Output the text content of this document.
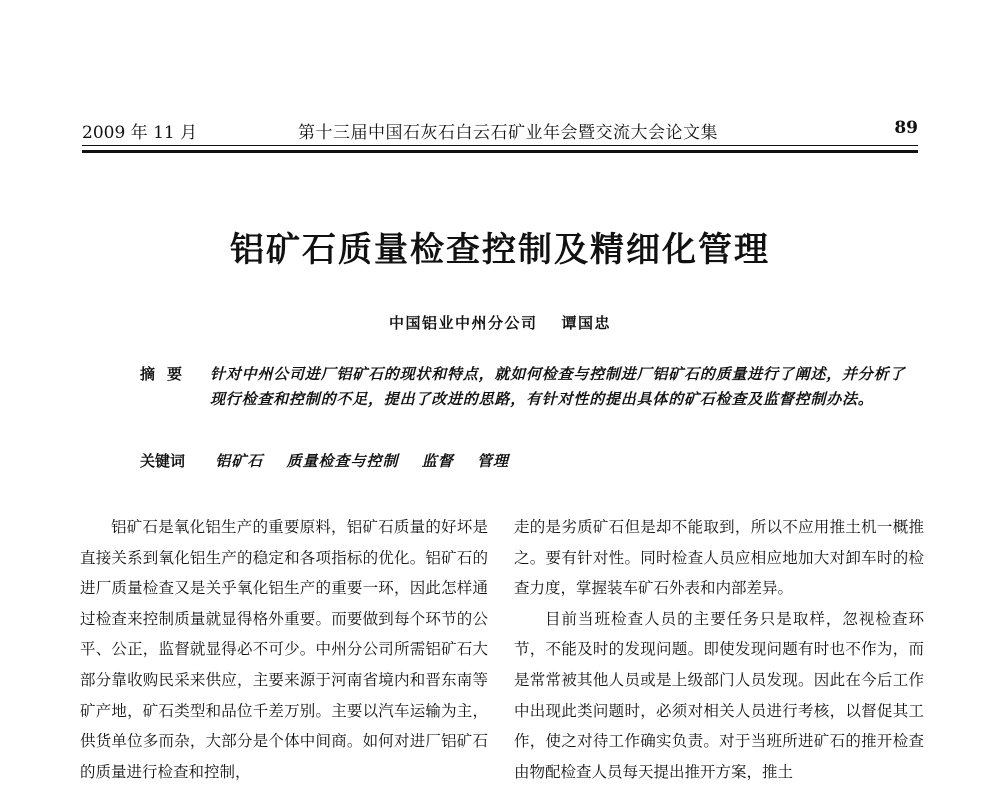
2009 年 11 月	第十三届中国石灰石白云石矿业年会暨交流大会论文集	89
铝矿石质量检查控制及精细化管理
中国铝业中州分公司 谭国忠
摘要	针对中州公司进厂铝矿石的现状和特点，就如何检查与控制进厂铝矿石的质量进行了阐述，并分析了现行检查和控制的不足，提出了改进的思路，有针对性的提出具体的矿石检查及监督控制办法。
关键词 铝矿石 质量检查与控制 监督 管理

铝矿石是氧化铝生产的重要原料，铝矿石质量的好坏是直接关系到氧化铝生产的稳定和各项指标的优化。铝矿石的进厂质量检查又是关乎氧化铝生产的重要一环，因此怎样通过检查来控制质量就显得格外重要。而要做到每个环节的公平、公正，监督就显得必不可少。中州分公司所需铝矿石大部分靠收购民采来供应，主要来源于河南省境内和晋东南等矿产地，矿石类型和品位千差万别。主要以汽车运输为主，供货单位多而杂，大部分是个体中间商。如何对进厂铝矿石的质量进行检查和控制，

走的是劣质矿石但是却不能取到，所以不应用推土机一概推之。要有针对性。同时检查人员应相应地加大对卸车时的检查力度，掌握装车矿石外表和内部差异。

目前当班检查人员的主要任务只是取样，忽视检查环节，不能及时的发现问题。即使发现问题有时也不作为，而是常常被其他人员或是上级部门人员发现。因此在今后工作中出现此类问题时，必须对相关人员进行考核，以督促其工作，使之对待工作确实负责。对于当班所进矿石的推开检查由物配检查人员每天提出推开方案，推土
